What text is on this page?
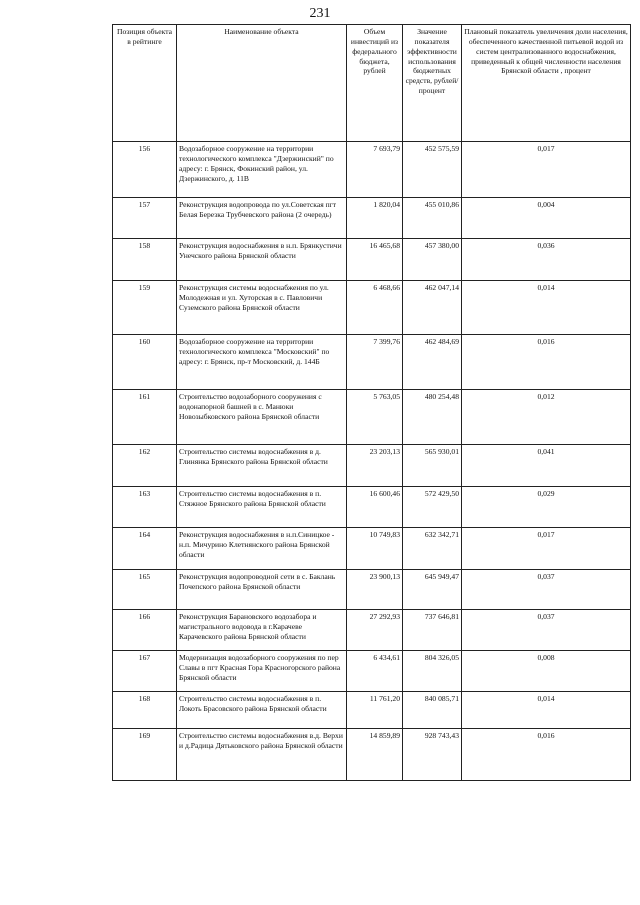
231
Позиция объекта в рейтинге	Наименование объекта	Объем инвестиций из федерального бюджета, рублей	Значение показателя эффективности использования бюджетных средств, рублей/процент	Плановый показатель увеличения доли населения, обеспеченного качественной питьевой водой из систем централизованного водоснабжения, приведенный к общей численности населения Брянской области , процент
156	Водозаборное сооружение на территории технологического комплекса "Дзержинский" по адресу: г. Брянск, Фокинский район, ул. Дзержинского, д. 11В	7 693,79	452 575,59	0,017
157	Реконструкция водопровода по ул.Советская пгт Белая Березка Трубчевского района (2 очередь)	1 820,04	455 010,86	0,004
158	Реконструкция водоснабжения в н.п. Брянкустичи Унечского района Брянской области	16 465,68	457 380,00	0,036
159	Реконструкция системы водоснабжения по ул. Молодежная и ул. Хуторская в с. Павловичи Суземского района Брянской области	6 468,66	462 047,14	0,014
160	Водозаборное сооружение на территории технологического комплекса "Московский" по адресу: г. Брянск, пр-т Московский, д. 144Б	7 399,76	462 484,69	0,016
161	Строительство водозаборного сооружения с водонапорной башней в с. Манюки Новозыбковского района Брянской области	5 763,05	480 254,48	0,012
162	Строительство системы водоснабжения в д. Глинянка Брянского района Брянской области	23 203,13	565 930,01	0,041
163	Строительство системы водоснабжения в п. Стяжное Брянского района Брянской области	16 600,46	572 429,50	0,029
164	Реконструкция водоснабжения в н.п.Синицкое - н.п. Мичурино Клетнянского района Брянской области	10 749,83	632 342,71	0,017
165	Реконструкция водопроводной сети в с. Баклань Почепского района Брянской области	23 900,13	645 949,47	0,037
166	Реконструкция Барановского водозабора и магистрального водовода в г.Карачеве Карачевского района Брянской области	27 292,93	737 646,81	0,037
167	Модернизация водозаборного сооружения по пер Славы в пгт Красная Гора Красногорского района Брянской области	6 434,61	804 326,05	0,008
168	Строительство системы водоснабжения в п. Локоть Брасовского района Брянской области	11 761,20	840 085,71	0,014
169	Строительство системы водоснабжения в.д. Верхи и д.Радица Дятьковского района Брянской области	14 859,89	928 743,43	0,016
